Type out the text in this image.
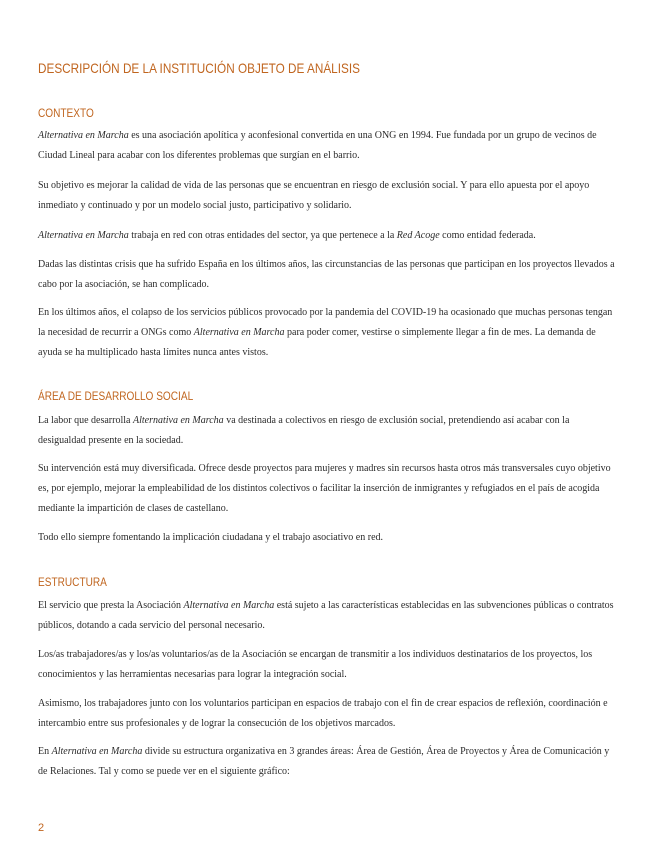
DESCRIPCIÓN DE LA INSTITUCIÓN OBJETO DE ANÁLISIS
CONTEXTO

Alternativa en Marcha es una asociación apolítica y aconfesional convertida en una ONG en 1994. Fue fundada por un grupo de vecinos de Ciudad Lineal para acabar con los diferentes problemas que surgían en el barrio.

Su objetivo es mejorar la calidad de vida de las personas que se encuentran en riesgo de exclusión social. Y para ello apuesta por el apoyo inmediato y continuado y por un modelo social justo, participativo y solidario.

Alternativa en Marcha trabaja en red con otras entidades del sector, ya que pertenece a la Red Acoge como entidad federada.

Dadas las distintas crisis que ha sufrido España en los últimos años, las circunstancias de las personas que participan en los proyectos llevados a cabo por la asociación, se han complicado.

En los últimos años, el colapso de los servicios públicos provocado por la pandemia del COVID-19 ha ocasionado que muchas personas tengan la necesidad de recurrir a ONGs como Alternativa en Marcha para poder comer, vestirse o simplemente llegar a fin de mes. La demanda de ayuda se ha multiplicado hasta límites nunca antes vistos.

ÁREA DE DESARROLLO SOCIAL

La labor que desarrolla Alternativa en Marcha va destinada a colectivos en riesgo de exclusión social, pretendiendo así acabar con la desigualdad presente en la sociedad.

Su intervención está muy diversificada. Ofrece desde proyectos para mujeres y madres sin recursos hasta otros más transversales cuyo objetivo es, por ejemplo, mejorar la empleabilidad de los distintos colectivos o facilitar la inserción de inmigrantes y refugiados en el país de acogida mediante la impartición de clases de castellano.

Todo ello siempre fomentando la implicación ciudadana y el trabajo asociativo en red.

ESTRUCTURA

El servicio que presta la Asociación Alternativa en Marcha está sujeto a las características establecidas en las subvenciones públicas o contratos públicos, dotando a cada servicio del personal necesario.

Los/as trabajadores/as y los/as voluntarios/as de la Asociación se encargan de transmitir a los individuos destinatarios de los proyectos, los conocimientos y las herramientas necesarias para lograr la integración social.

Asimismo, los trabajadores junto con los voluntarios participan en espacios de trabajo con el fin de crear espacios de reflexión, coordinación e intercambio entre sus profesionales y de lograr la consecución de los objetivos marcados.

En Alternativa en Marcha divide su estructura organizativa en 3 grandes áreas: Área de Gestión, Área de Proyectos y Área de Comunicación y de Relaciones. Tal y como se puede ver en el siguiente gráfico:

2
